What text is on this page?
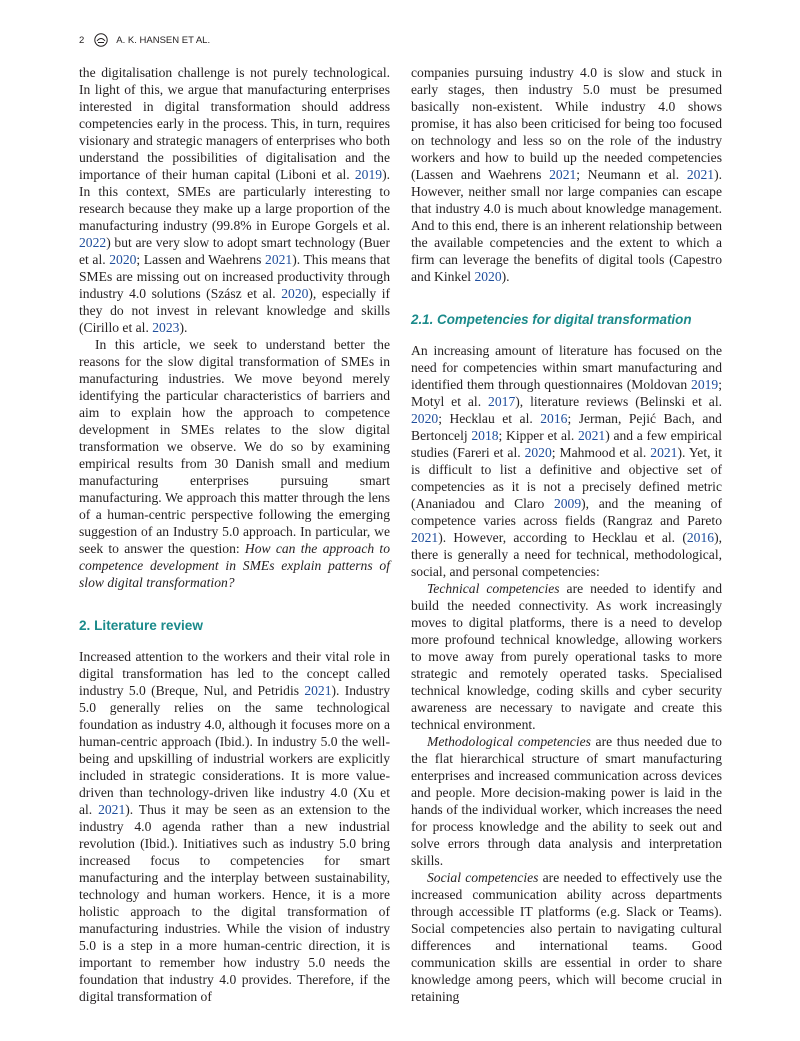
2	A. K. HANSEN ET AL.

the digitalisation challenge is not purely technological. In light of this, we argue that manufacturing enterprises interested in digital transformation should address competencies early in the process. This, in turn, requires visionary and strategic managers of enterprises who both understand the possibilities of digitalisation and the importance of their human capital (Liboni et al. 2019). In this context, SMEs are particularly interesting to research because they make up a large proportion of the manufacturing industry (99.8% in Europe Gorgels et al. 2022) but are very slow to adopt smart technology (Buer et al. 2020; Lassen and Waehrens 2021). This means that SMEs are missing out on increased productivity through industry 4.0 solutions (Szász et al. 2020), especially if they do not invest in relevant knowledge and skills (Cirillo et al. 2023).

In this article, we seek to understand better the reasons for the slow digital transformation of SMEs in manufacturing industries. We move beyond merely identifying the particular characteristics of barriers and aim to explain how the approach to competence development in SMEs relates to the slow digital transformation we observe. We do so by examining empirical results from 30 Danish small and medium manufacturing enterprises pursuing smart manufacturing. We approach this matter through the lens of a human-centric perspective following the emerging suggestion of an Industry 5.0 approach. In particular, we seek to answer the question: How can the approach to competence development in SMEs explain patterns of slow digital transformation?

2. Literature review

Increased attention to the workers and their vital role in digital transformation has led to the concept called industry 5.0 (Breque, Nul, and Petridis 2021). Industry 5.0 generally relies on the same technological foundation as industry 4.0, although it focuses more on a human-centric approach (Ibid.). In industry 5.0 the well-being and upskilling of industrial workers are explicitly included in strategic considerations. It is more value-driven than technology-driven like industry 4.0 (Xu et al. 2021). Thus it may be seen as an extension to the industry 4.0 agenda rather than a new industrial revolution (Ibid.). Initiatives such as industry 5.0 bring increased focus to competencies for smart manufacturing and the interplay between sustainability, technology and human workers. Hence, it is a more holistic approach to the digital transformation of manufacturing industries. While the vision of industry 5.0 is a step in a more human-centric direction, it is important to remember how industry 5.0 needs the foundation that industry 4.0 provides. Therefore, if the digital transformation of

companies pursuing industry 4.0 is slow and stuck in early stages, then industry 5.0 must be presumed basically non-existent. While industry 4.0 shows promise, it has also been criticised for being too focused on technology and less so on the role of the industry workers and how to build up the needed competencies (Lassen and Waehrens 2021; Neumann et al. 2021). However, neither small nor large companies can escape that industry 4.0 is much about knowledge management. And to this end, there is an inherent relationship between the available competencies and the extent to which a firm can leverage the benefits of digital tools (Capestro and Kinkel 2020).

2.1. Competencies for digital transformation

An increasing amount of literature has focused on the need for competencies within smart manufacturing and identified them through questionnaires (Moldovan 2019; Motyl et al. 2017), literature reviews (Belinski et al. 2020; Hecklau et al. 2016; Jerman, Pejić Bach, and Bertoncelj 2018; Kipper et al. 2021) and a few empirical studies (Fareri et al. 2020; Mahmood et al. 2021). Yet, it is difficult to list a definitive and objective set of competencies as it is not a precisely defined metric (Ananiadou and Claro 2009), and the meaning of competence varies across fields (Rangraz and Pareto 2021). However, according to Hecklau et al. (2016), there is generally a need for technical, methodological, social, and personal competencies:

Technical competencies are needed to identify and build the needed connectivity. As work increasingly moves to digital platforms, there is a need to develop more profound technical knowledge, allowing workers to move away from purely operational tasks to more strategic and remotely operated tasks. Specialised technical knowledge, coding skills and cyber security awareness are necessary to navigate and create this technical environment.

Methodological competencies are thus needed due to the flat hierarchical structure of smart manufacturing enterprises and increased communication across devices and people. More decision-making power is laid in the hands of the individual worker, which increases the need for process knowledge and the ability to seek out and solve errors through data analysis and interpretation skills.

Social competencies are needed to effectively use the increased communication ability across departments through accessible IT platforms (e.g. Slack or Teams). Social competencies also pertain to navigating cultural differences and international teams. Good communication skills are essential in order to share knowledge among peers, which will become crucial in retaining
